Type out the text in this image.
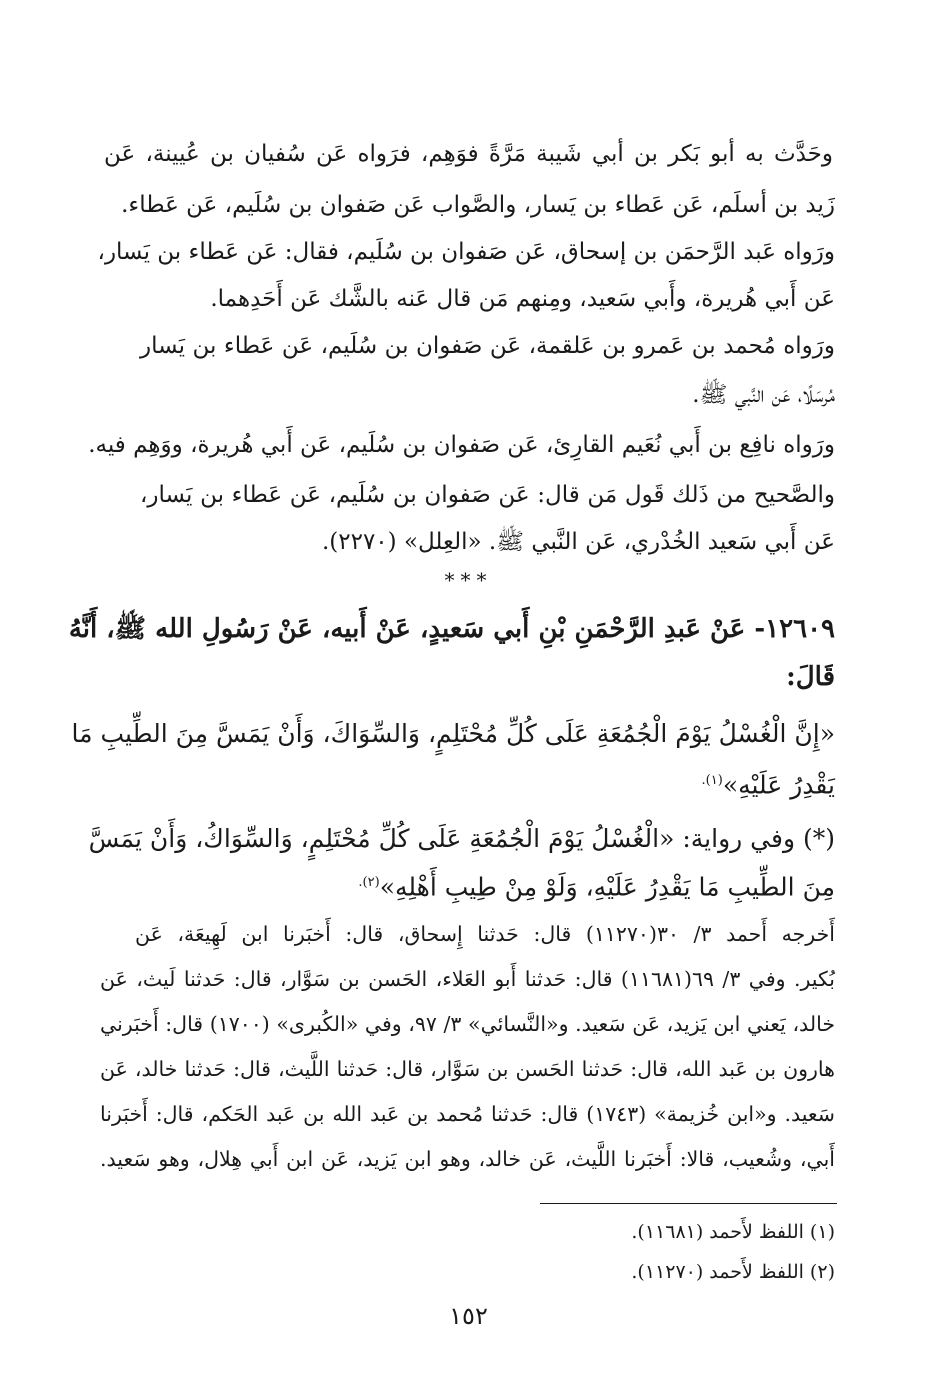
وحَدَّث به أبو بَكر بن أبي شَيبة مَرَّةً فوَهِم، فرَواه عَن سُفيان بن عُيينة، عَن
زَيد بن أسلَم، عَن عَطاء بن يَسار، والصَّواب عَن صَفوان بن سُلَيم، عَن عَطاء.
ورَواه عَبد الرَّحمَن بن إسحاق، عَن صَفوان بن سُلَيم، فقال: عَن عَطاء بن يَسار،
عَن أَبي هُريرة، وأَبي سَعيد، ومِنهم مَن قال عَنه بالشَّك عَن أَحَدِهما.
ورَواه مُحمد بن عَمرو بن عَلقمة، عَن صَفوان بن سُلَيم، عَن عَطاء بن يَسار
مُرسَلًا، عَن النَّبي ﷺ.
ورَواه نافِع بن أَبي نُعَيم القارِئ، عَن صَفوان بن سُلَيم، عَن أَبي هُريرة، ووَهِم فيه.
والصَّحيح من ذَلك قَول مَن قال: عَن صَفوان بن سُلَيم، عَن عَطاء بن يَسار،
عَن أَبي سَعيد الخُدْري، عَن النَّبي ﷺ. «العِلل» (٢٢٧٠).
***
١٢٦٠٩- عَنْ عَبدِ الرَّحْمَنِ بْنِ أَبي سَعيدٍ، عَنْ أَبيه، عَنْ رَسُولِ الله ﷺ، أَنَّهُ
قَالَ:
«إِنَّ الْغُسْلُ يَوْمَ الْجُمُعَةِ عَلَى كُلِّ مُحْتَلِمٍ، وَالسِّوَاكَ، وَأَنْ يَمَسَّ مِنَ الطِّيبِ مَا
يَقْدِرُ عَلَيْهِ»$^{(١).}$
(*) وفي رواية: «الْغُسْلُ يَوْمَ الْجُمُعَةِ عَلَى كُلِّ مُحْتَلِمٍ، وَالسِّوَاكُ، وَأَنْ يَمَسَّ
مِنَ الطِّيبِ مَا يَقْدِرُ عَلَيْهِ، وَلَوْ مِنْ طِيبِ أَهْلِهِ»$^{(٢).}$
أَخرجه أَحمد ٣/ ٣٠(١١٢٧٠) قال: حَدثنا إِسحاق، قال: أَخبَرنا ابن لَهِيعَة، عَن
بُكير. وفي ٣/ ٦٩(١١٦٨١) قال: حَدثنا أَبو العَلاء، الحَسن بن سَوَّار، قال: حَدثنا لَيث، عَن
خالد، يَعني ابن يَزيد، عَن سَعيد. و«النَّسائي» ٣/ ٩٧، وفي «الكُبرى» (١٧٠٠) قال: أَخبَرني
هارون بن عَبد الله، قال: حَدثنا الحَسن بن سَوَّار، قال: حَدثنا اللَّيث، قال: حَدثنا خالد، عَن
سَعيد. و«ابن خُزيمة» (١٧٤٣) قال: حَدثنا مُحمد بن عَبد الله بن عَبد الحَكم، قال: أَخبَرنا
أَبي، وشُعيب، قالا: أَخبَرنا اللَّيث، عَن خالد، وهو ابن يَزيد، عَن ابن أَبي هِلال، وهو سَعيد.
(١) اللفظ لأَحمد (١١٦٨١).
(٢) اللفظ لأَحمد (١١٢٧٠).
١٥٢
